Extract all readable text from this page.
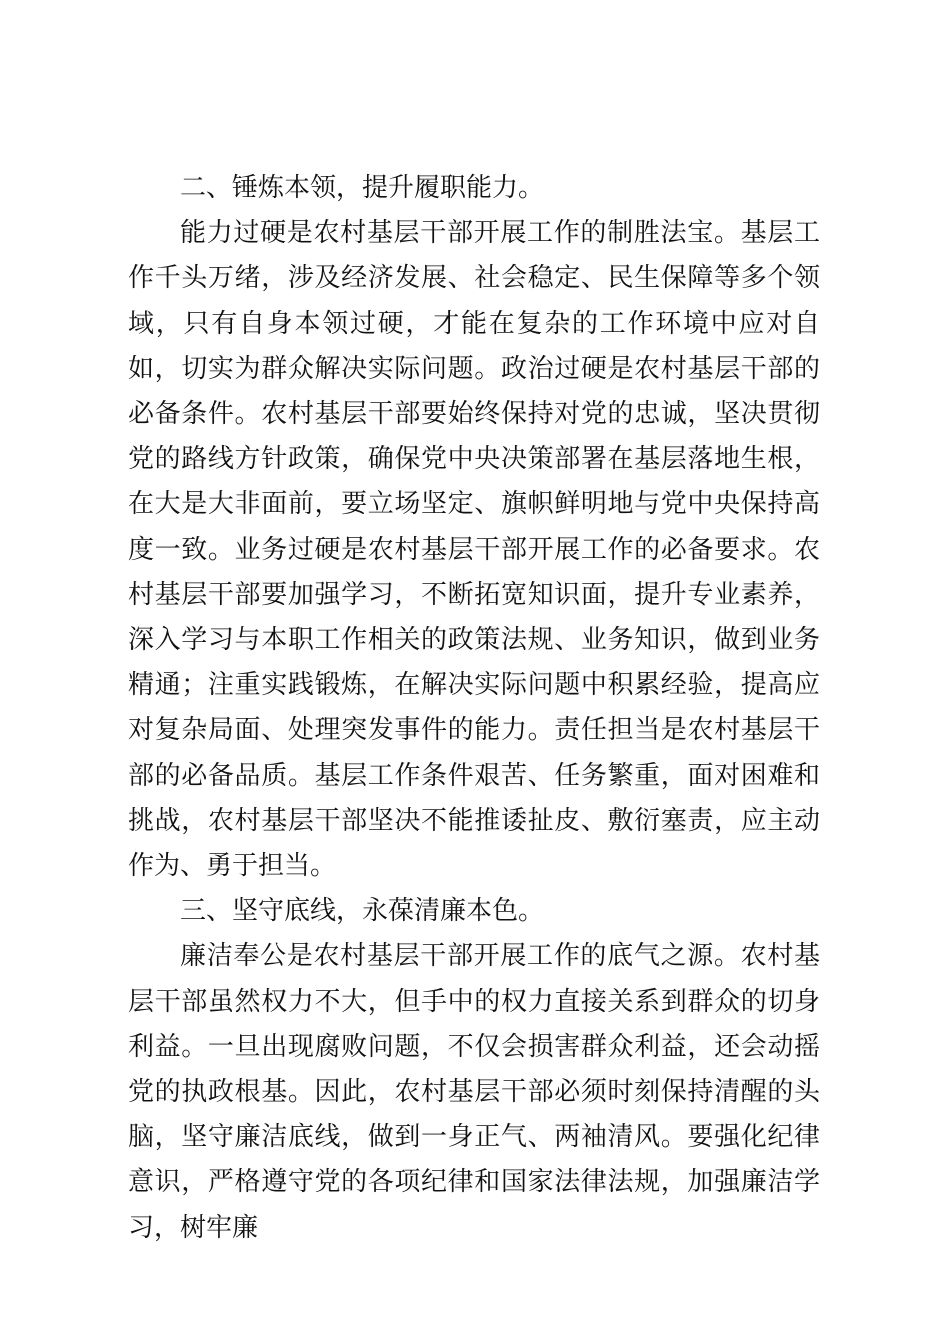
二、锤炼本领，提升履职能力。

能力过硬是农村基层干部开展工作的制胜法宝。基层工作千头万绪，涉及经济发展、社会稳定、民生保障等多个领域，只有自身本领过硬，才能在复杂的工作环境中应对自如，切实为群众解决实际问题。政治过硬是农村基层干部的必备条件。农村基层干部要始终保持对党的忠诚，坚决贯彻党的路线方针政策，确保党中央决策部署在基层落地生根，在大是大非面前，要立场坚定、旗帜鲜明地与党中央保持高度一致。业务过硬是农村基层干部开展工作的必备要求。农村基层干部要加强学习，不断拓宽知识面，提升专业素养，深入学习与本职工作相关的政策法规、业务知识，做到业务精通；注重实践锻炼，在解决实际问题中积累经验，提高应对复杂局面、处理突发事件的能力。责任担当是农村基层干部的必备品质。基层工作条件艰苦、任务繁重，面对困难和挑战，农村基层干部坚决不能推诿扯皮、敷衍塞责，应主动作为、勇于担当。

三、坚守底线，永葆清廉本色。

廉洁奉公是农村基层干部开展工作的底气之源。农村基层干部虽然权力不大，但手中的权力直接关系到群众的切身利益。一旦出现腐败问题，不仅会损害群众利益，还会动摇党的执政根基。因此，农村基层干部必须时刻保持清醒的头脑，坚守廉洁底线，做到一身正气、两袖清风。要强化纪律意识，严格遵守党的各项纪律和国家法律法规，加强廉洁学习，树牢廉
